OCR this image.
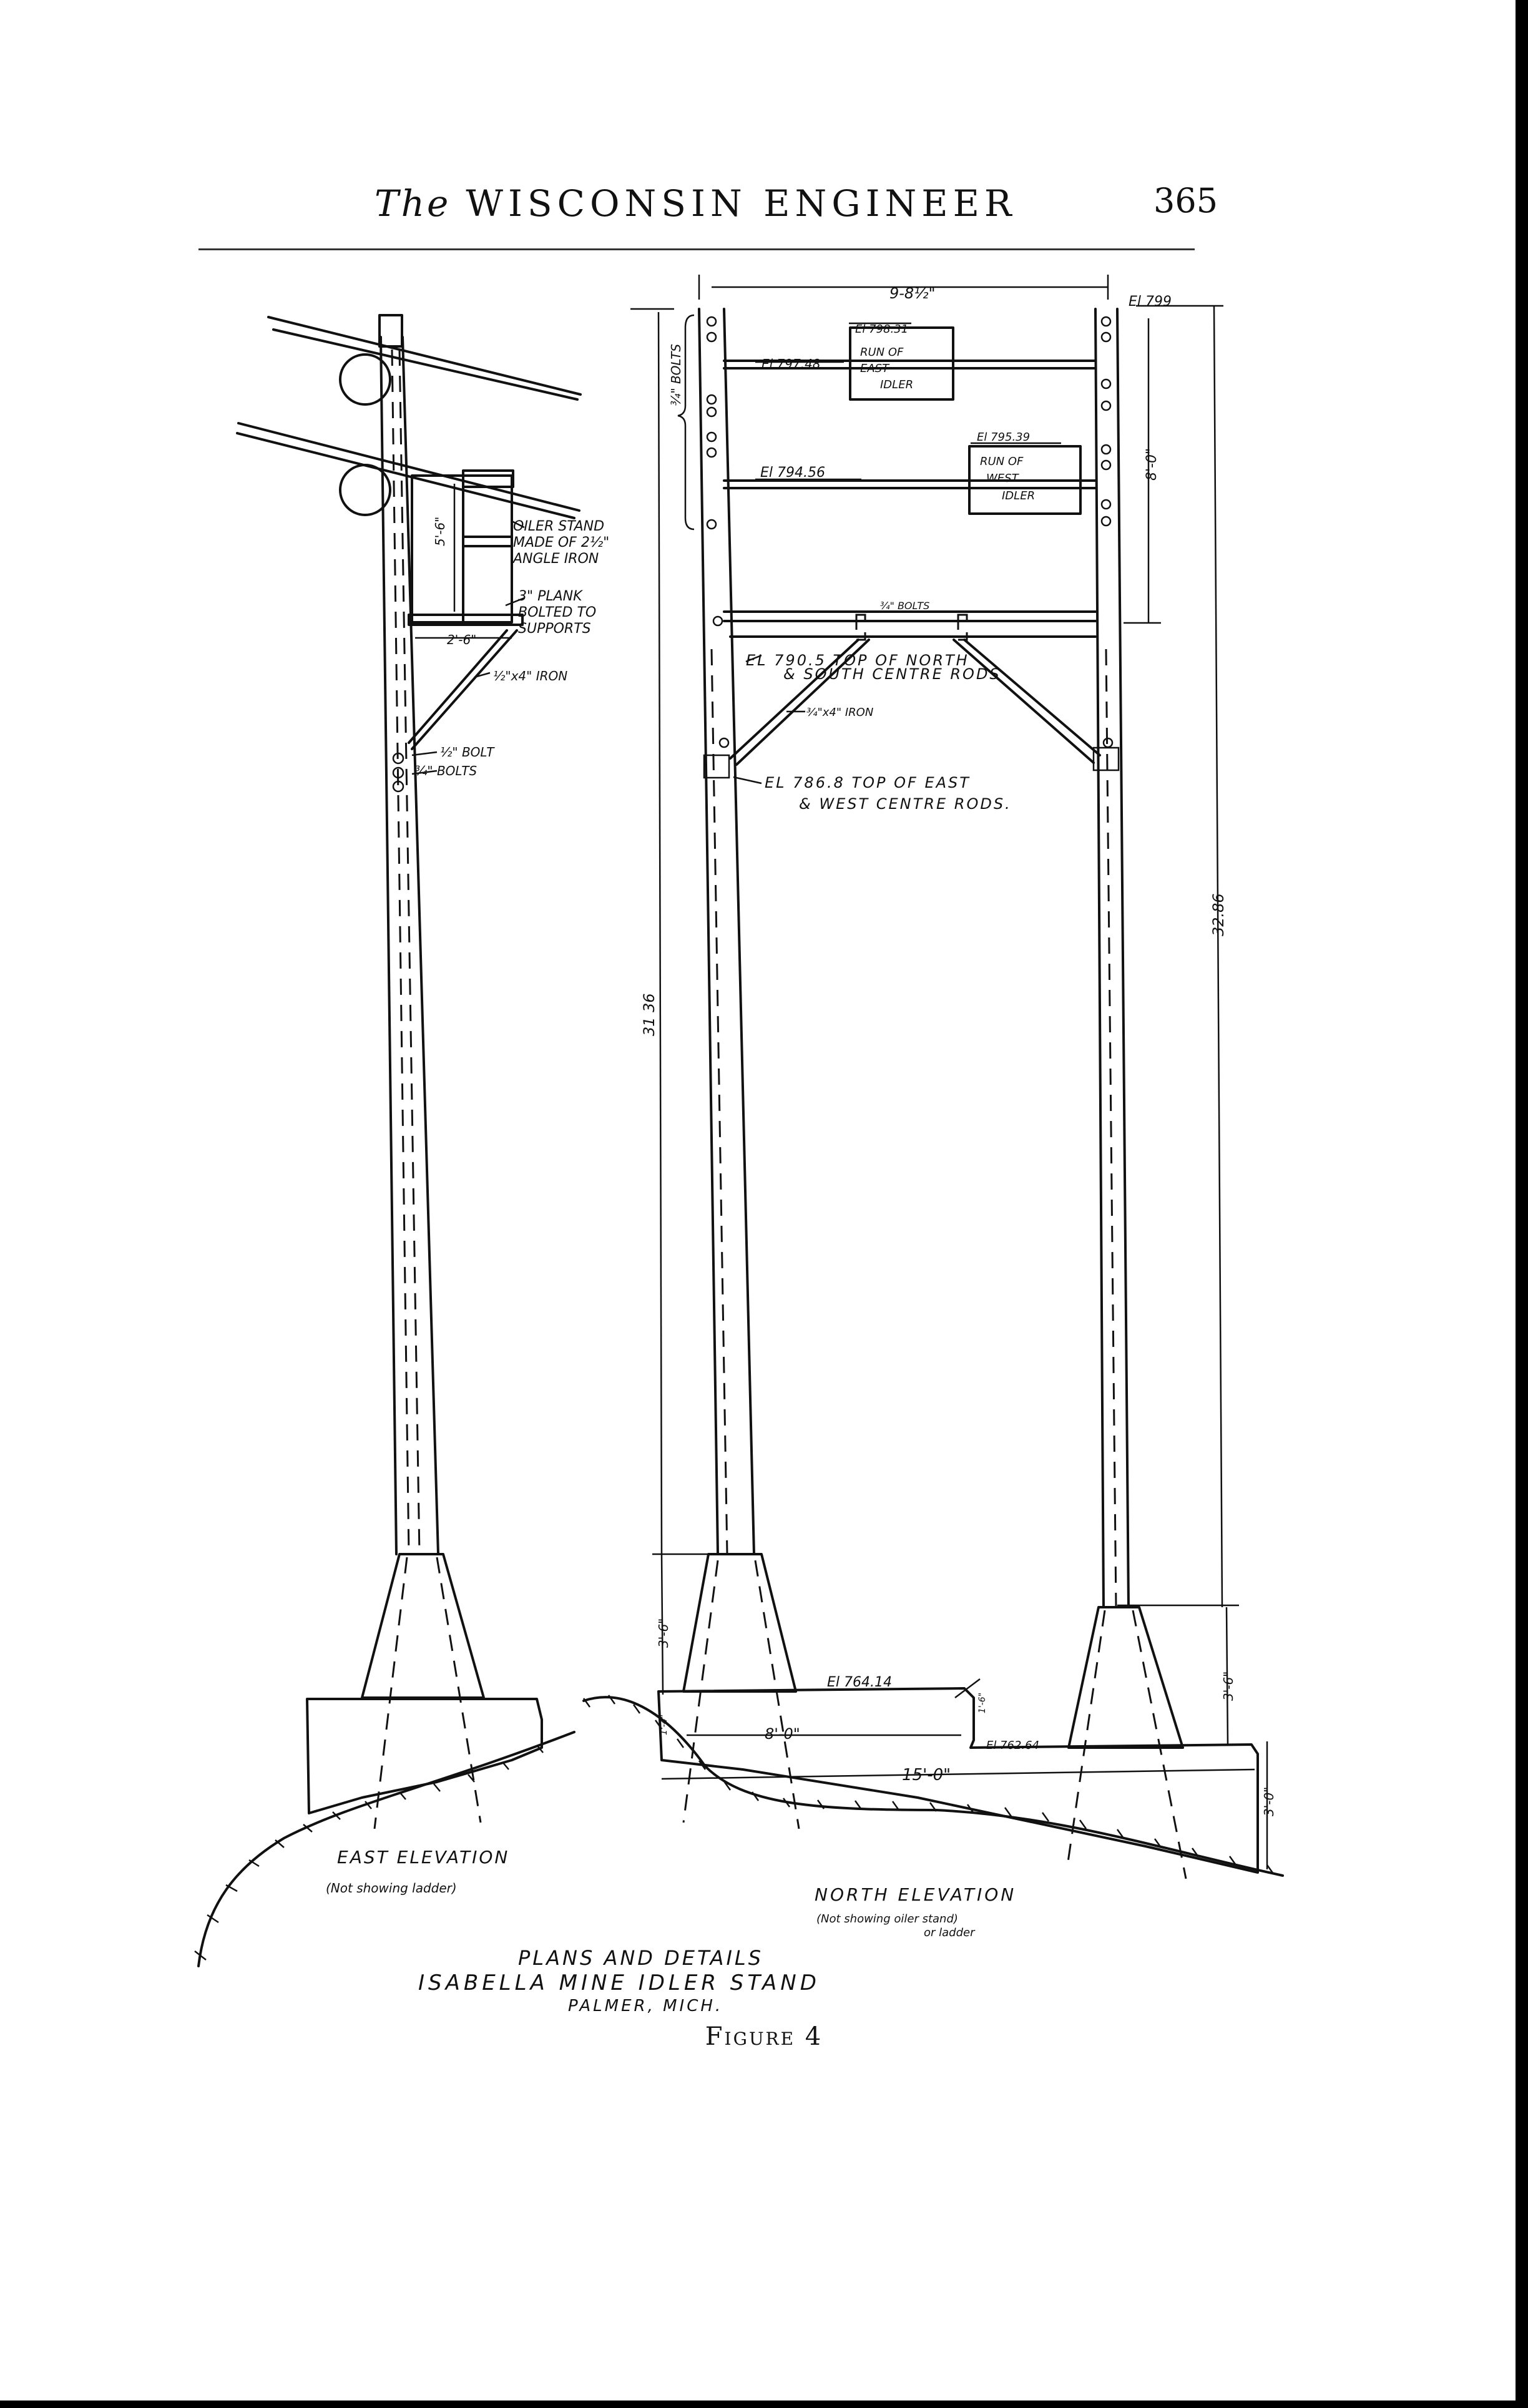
The WISCONSIN ENGINEER	365
OILER STAND
MADE OF 2½"
ANGLE IRON
3" PLANK
BOLTED TO
SUPPORTS
5'-6"
2'-6"
½"x4" IRON
½" BOLT
¾" BOLTS
EAST ELEVATION
(Not showing ladder)
9-8½"	El 799
¾" BOLTS
El 798.31
El 797.48
RUN OF
EAST
IDLER
El 795.39
El 794.56
RUN OF
WEST
IDLER
8'-0"
¾" BOLTS
EL 790.5 TOP OF NORTH
& SOUTH CENTRE RODS
¾"x4" IRON
EL 786.8 TOP OF EAST
& WEST CENTRE RODS.
31 36
32.86
3'-6"
3'-6"
El 764.14
1'-6"
1'-4"
El 762.64
8'-0"
15'-0"
3'-0"
NORTH ELEVATION
(Not showing oiler stand)
or ladder
PLANS AND DETAILS
ISABELLA MINE IDLER STAND
PALMER, MICH.
Figure 4
